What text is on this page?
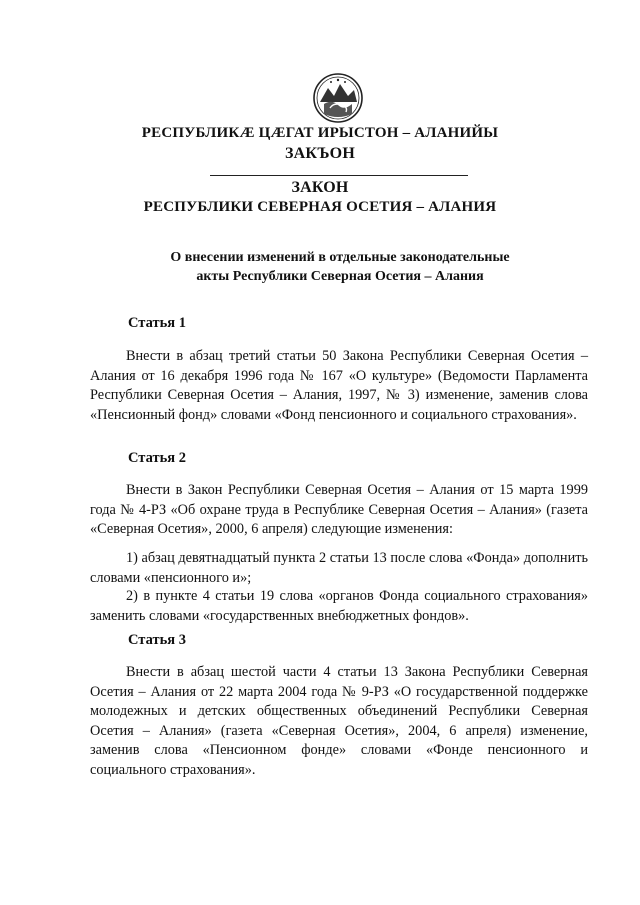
РЕСПУБЛИКӔ ЦӔГАТ ИРЫСТОН – АЛАНИЙЫ
ЗАКЪОН
ЗАКОН
РЕСПУБЛИКИ СЕВЕРНАЯ ОСЕТИЯ – АЛАНИЯ
О внесении изменений в отдельные законодательные
акты Республики Северная Осетия – Алания
Статья 1

Внести в абзац третий статьи 50 Закона Республики Северная Осетия – Алания от 16 декабря 1996 года № 167 «О культуре» (Ведомости Парламента Республики Северная Осетия – Алания, 1997, № 3) изменение, заменив слова «Пенсионный фонд» словами «Фонд пенсионного и социального страхования».

Статья 2

Внести в Закон Республики Северная Осетия – Алания от 15 марта 1999 года № 4-РЗ «Об охране труда в Республике Северная Осетия – Алания» (газета «Северная Осетия», 2000, 6 апреля) следующие изменения:

1) абзац девятнадцатый пункта 2 статьи 13 после слова «Фонда» дополнить словами «пенсионного и»;

2) в пункте 4 статьи 19 слова «органов Фонда социального страхования» заменить словами «государственных внебюджетных фондов».

Статья 3

Внести в абзац шестой части 4 статьи 13 Закона Республики Северная Осетия – Алания от 22 марта 2004 года № 9-РЗ «О государственной поддержке молодежных и детских общественных объединений Республики Северная Осетия – Алания» (газета «Северная Осетия», 2004, 6 апреля) изменение, заменив слова «Пенсионном фонде» словами «Фонде пенсионного и социального страхования».
